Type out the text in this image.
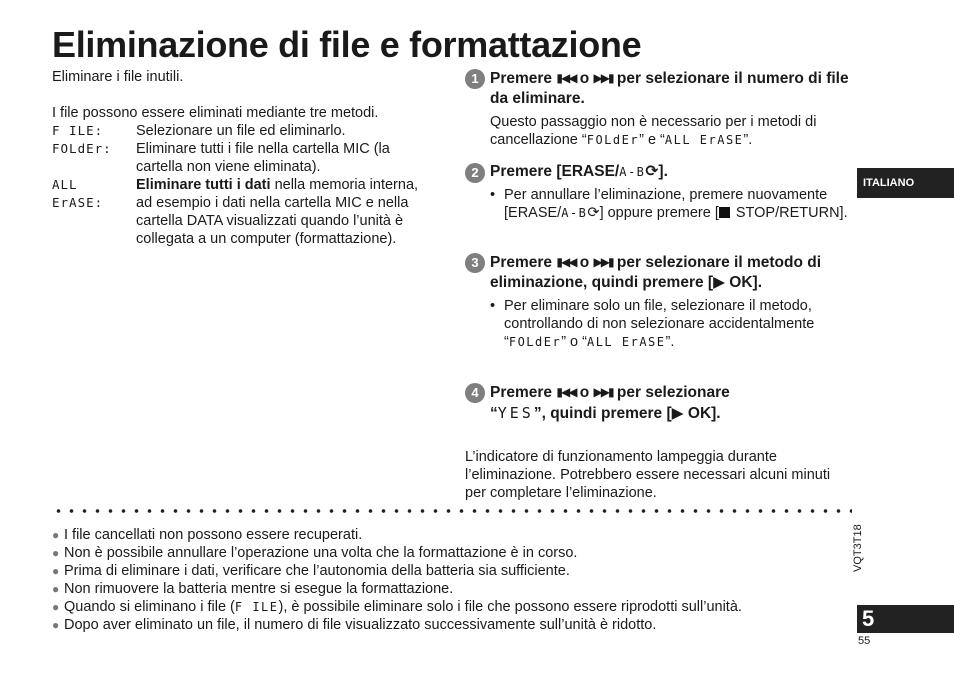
Eliminazione di file e formattazione
Eliminare i file inutili.
I file possono essere eliminati mediante tre metodi.
F ILE:	Selezionare un file ed eliminarlo.
FOLdEr:	Eliminare tutti i file nella cartella MIC (la cartella non viene eliminata).
ALL ErASE:
Eliminare tutti i dati nella memoria interna, ad esempio i dati nella cartella MIC e nella cartella DATA visualizzati quando l’unità è collegata a un computer (formattazione).
1 Premere ▮◀◀ o ▶▶▮ per selezionare il numero di file da eliminare.
Questo passaggio non è necessario per i metodi di cancellazione “FOLdEr” e “ALL ErASE”.
2 Premere [ERASE/A-B⟳].
• Per annullare l’eliminazione, premere nuovamente [ERASE/A-B⟳] oppure premere [ STOP/RETURN].
3 Premere ▮◀◀ o ▶▶▮ per selezionare il metodo di eliminazione, quindi premere [▶ OK].
• Per eliminare solo un file, selezionare il metodo, controllando di non selezionare accidentalmente “FOLdEr” o “ALL ErASE”.
4 Premere ▮◀◀ o ▶▶▮ per selezionare
“YES”, quindi premere [▶ OK].
L’indicatore di funzionamento lampeggia durante l’eliminazione. Potrebbero essere necessari alcuni minuti per completare l’eliminazione.
● I file cancellati non possono essere recuperati.
● Non è possibile annullare l’operazione una volta che la formattazione è in corso.
● Prima di eliminare i dati, verificare che l’autonomia della batteria sia sufficiente.
● Non rimuovere la batteria mentre si esegue la formattazione.
● Quando si eliminano i file (F ILE), è possibile eliminare solo i file che possono essere riprodotti sull’unità.
● Dopo aver eliminato un file, il numero di file visualizzato successivamente sull’unità è ridotto.
ITALIANO
VQT3T18
5
55
